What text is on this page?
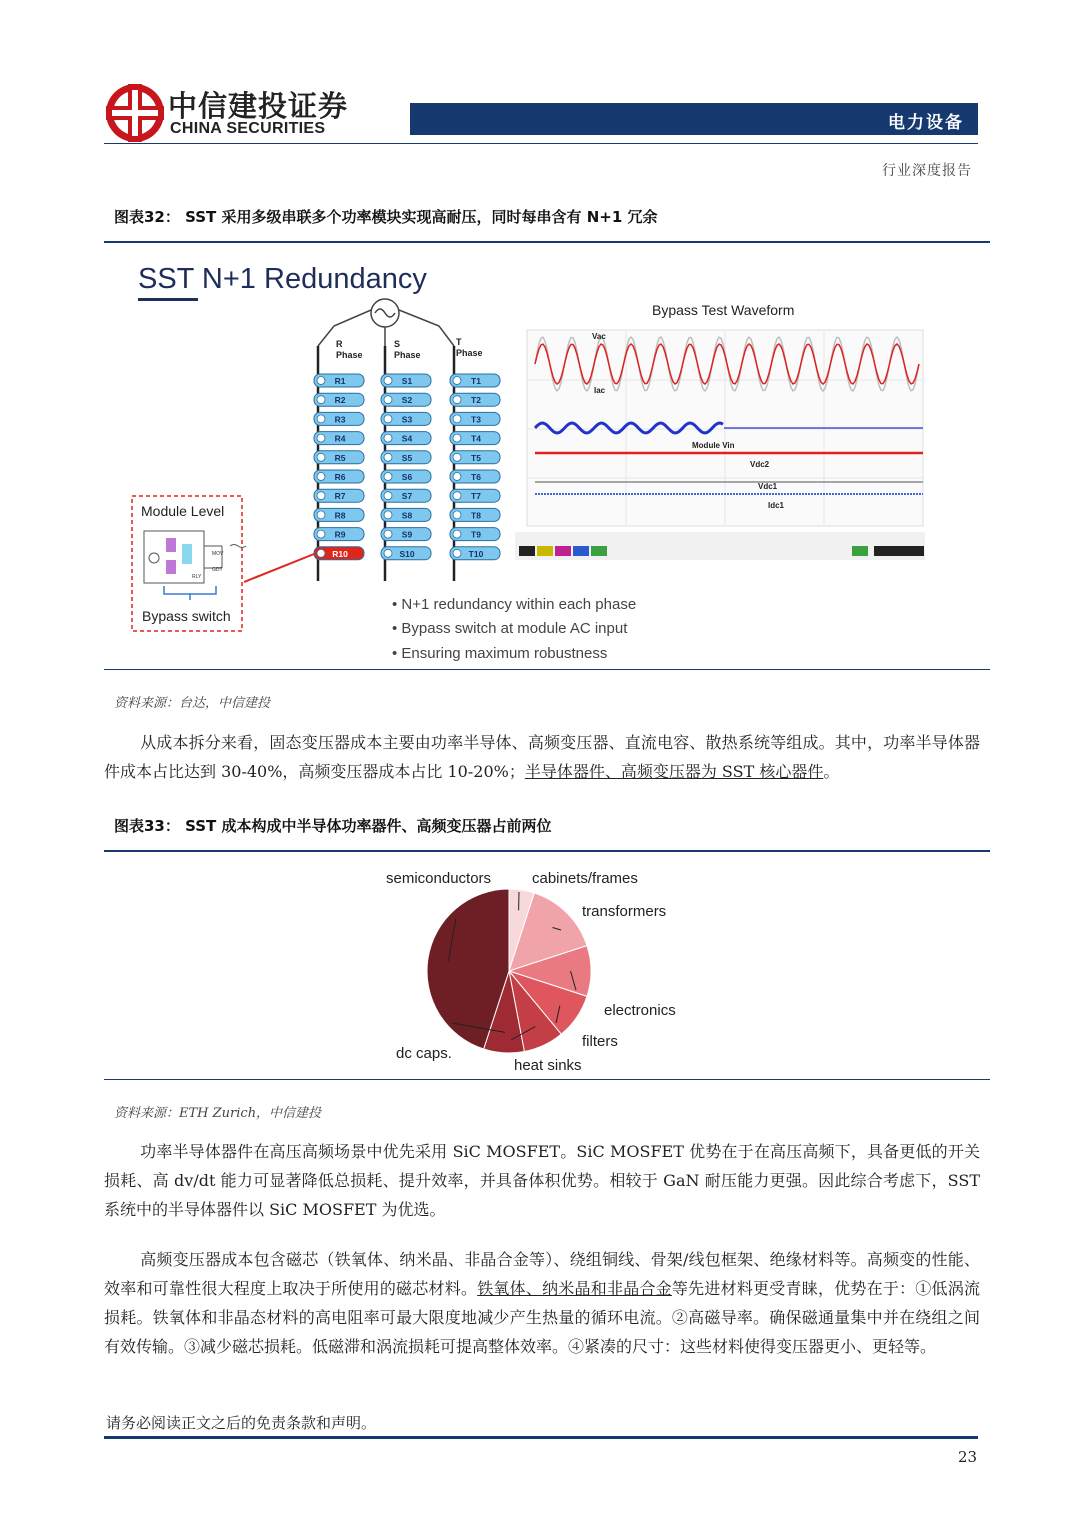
中信建投证券
CHINA SECURITIES	电力设备
行业深度报告
图表32： SST 采用多级串联多个功率模块实现高耐压，同时每串含有 N+1 冗余
SST N+1 Redundancy
R
Phase
S
Phase
T
Phase
R1
R2
R3
R4
R5
R6
R7
R8
R9
R10
S1
S2
S3
S4
S5
S6
S7
S8
S9
S10
T1
T2
T3
T4
T5
T6
T7
T8
T9
T10
Module Level
MOV
GDT
RLY
Bypass switch
Bypass Test Waveform
Vac
Iac
Module Vin
Vdc2
Vdc1
Idc1
• N+1 redundancy within each phase
• Bypass switch at module AC input
• Ensuring maximum robustness
资料来源：台达，中信建投
从成本拆分来看，固态变压器成本主要由功率半导体、高频变压器、直流电容、散热系统等组成。其中，功率半导体器件成本占比达到 30-40%，高频变压器成本占比 10-20%；半导体器件、高频变压器为 SST 核心器件。
图表33： SST 成本构成中半导体功率器件、高频变压器占前两位
cabinets/frames
transformers
electronics
filters
heat sinks
dc caps.
semiconductors
资料来源：ETH Zurich，中信建投
功率半导体器件在高压高频场景中优先采用 SiC MOSFET。SiC MOSFET 优势在于在高压高频下，具备更低的开关损耗、高 dv/dt 能力可显著降低总损耗、提升效率，并具备体积优势。相较于 GaN 耐压能力更强。因此综合考虑下，SST 系统中的半导体器件以 SiC MOSFET 为优选。
高频变压器成本包含磁芯（铁氧体、纳米晶、非晶合金等）、绕组铜线、骨架/线包框架、绝缘材料等。高频变的性能、效率和可靠性很大程度上取决于所使用的磁芯材料。铁氧体、纳米晶和非晶合金等先进材料更受青睐，优势在于：①低涡流损耗。铁氧体和非晶态材料的高电阻率可最大限度地减少产生热量的循环电流。②高磁导率。确保磁通量集中并在绕组之间有效传输。③减少磁芯损耗。低磁滞和涡流损耗可提高整体效率。④紧凑的尺寸：这些材料使得变压器更小、更轻等。
请务必阅读正文之后的免责条款和声明。
23
